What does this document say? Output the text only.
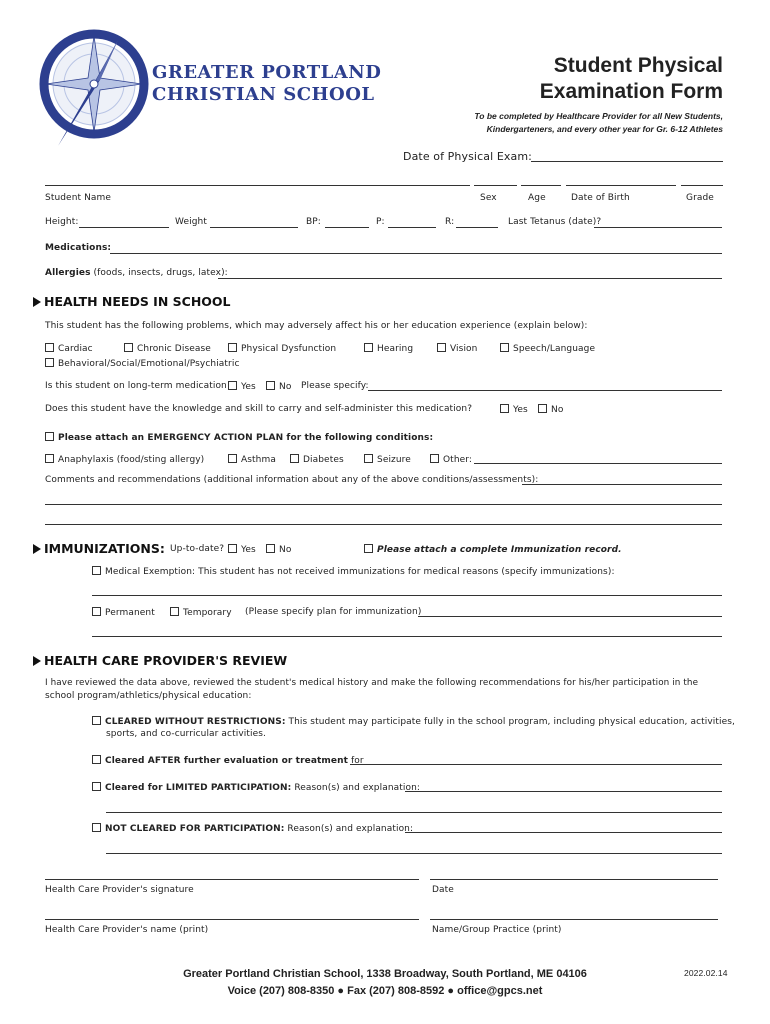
GREATER PORTLAND
CHRISTIAN SCHOOL
Student Physical
Examination Form
To be completed by Healthcare Provider for all New Students,
Kindergarteners, and every other year for Gr. 6-12 Athletes
Date of Physical Exam:
Student Name	Sex	Age	Date of Birth	Grade
Height:	Weight	BP:	P:	R:	Last Tetanus (date)?
Medications:
Allergies (foods, insects, drugs, latex):
HEALTH NEEDS IN SCHOOL
This student has the following problems, which may adversely affect his or her education experience (explain below):
Cardiac	Chronic Disease	Physical Dysfunction	Hearing	Vision	Speech/Language
Behavioral/Social/Emotional/Psychiatric
Is this student on long-term medication	Yes	No Please specify:
Does this student have the knowledge and skill to carry and self-administer this medication?	Yes	No
Please attach an EMERGENCY ACTION PLAN for the following conditions:
Anaphylaxis (food/sting allergy)	Asthma	Diabetes	Seizure	Other:
Comments and recommendations (additional information about any of the above conditions/assessments):
IMMUNIZATIONS: Up-to-date?	Yes	No	Please attach a complete Immunization record.
Medical Exemption: This student has not received immunizations for medical reasons (specify immunizations):
Permanent	Temporary (Please specify plan for immunization)
HEALTH CARE PROVIDER'S REVIEW
I have reviewed the data above, reviewed the student's medical history and make the following recommendations for his/her participation in the
school program/athletics/physical education:
CLEARED WITHOUT RESTRICTIONS: This student may participate fully in the school program, including physical education, activities,
sports, and co-curricular activities.
Cleared AFTER further evaluation or treatment for
Cleared for LIMITED PARTICIPATION: Reason(s) and explanation:
NOT CLEARED FOR PARTICIPATION: Reason(s) and explanation:
Health Care Provider's signature	Date
Health Care Provider's name (print)	Name/Group Practice (print)
Greater Portland Christian School, 1338 Broadway, South Portland, ME 04106
Voice (207) 808-8350 ● Fax (207) 808-8592 ● office@gpcs.net
2022.02.14
